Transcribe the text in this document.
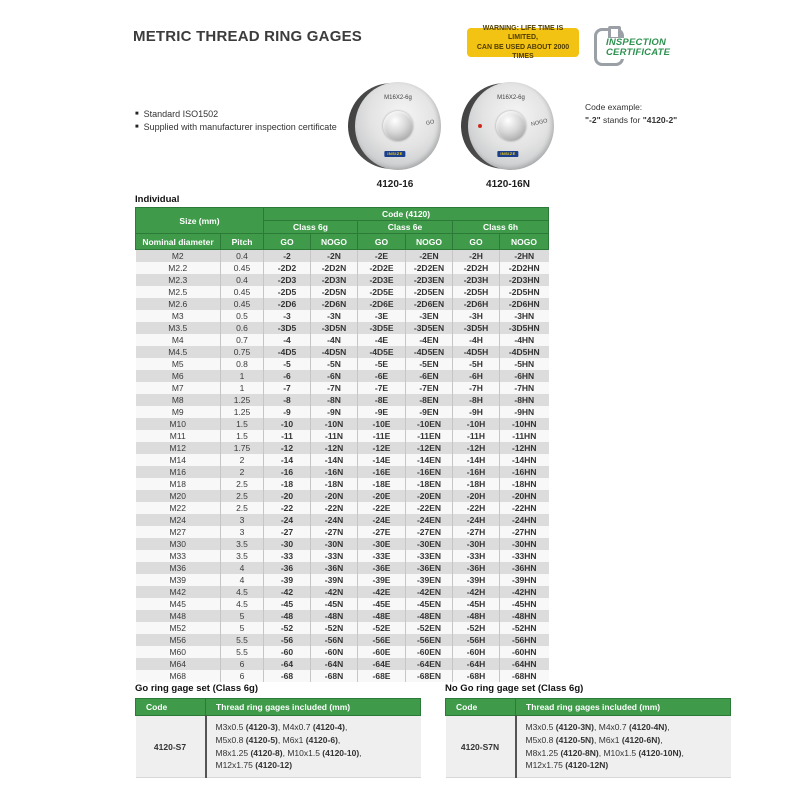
METRIC THREAD RING GAGES	WARNING: LIFE TIME IS LIMITED,
CAN BE USED ABOUT 2000 TIMES
INSPECTION
CERTIFICATE
■ Standard ISO1502
■ Supplied with manufacturer inspection certificate
M16X2-6g
GO
INSIZE
4120-16
M16X2-6g
NOGO
INSIZE
4120-16N
Code example:
"-2" stands for "4120-2"
Individual
Size (mm)		Code (4120)					
		Class 6g		Class 6e		Class 6h	
Nominal diameter	Pitch	GO	NOGO	GO	NOGO	GO	NOGO
M2	0.4	-2	-2N	-2E	-2EN	-2H	-2HN
M2.2	0.45	-2D2	-2D2N	-2D2E	-2D2EN	-2D2H	-2D2HN
M2.3	0.4	-2D3	-2D3N	-2D3E	-2D3EN	-2D3H	-2D3HN
M2.5	0.45	-2D5	-2D5N	-2D5E	-2D5EN	-2D5H	-2D5HN
M2.6	0.45	-2D6	-2D6N	-2D6E	-2D6EN	-2D6H	-2D6HN
M3	0.5	-3	-3N	-3E	-3EN	-3H	-3HN
M3.5	0.6	-3D5	-3D5N	-3D5E	-3D5EN	-3D5H	-3D5HN
M4	0.7	-4	-4N	-4E	-4EN	-4H	-4HN
M4.5	0.75	-4D5	-4D5N	-4D5E	-4D5EN	-4D5H	-4D5HN
M5	0.8	-5	-5N	-5E	-5EN	-5H	-5HN
M6	1	-6	-6N	-6E	-6EN	-6H	-6HN
M7	1	-7	-7N	-7E	-7EN	-7H	-7HN
M8	1.25	-8	-8N	-8E	-8EN	-8H	-8HN
M9	1.25	-9	-9N	-9E	-9EN	-9H	-9HN
M10	1.5	-10	-10N	-10E	-10EN	-10H	-10HN
M11	1.5	-11	-11N	-11E	-11EN	-11H	-11HN
M12	1.75	-12	-12N	-12E	-12EN	-12H	-12HN
M14	2	-14	-14N	-14E	-14EN	-14H	-14HN
M16	2	-16	-16N	-16E	-16EN	-16H	-16HN
M18	2.5	-18	-18N	-18E	-18EN	-18H	-18HN
M20	2.5	-20	-20N	-20E	-20EN	-20H	-20HN
M22	2.5	-22	-22N	-22E	-22EN	-22H	-22HN
M24	3	-24	-24N	-24E	-24EN	-24H	-24HN
M27	3	-27	-27N	-27E	-27EN	-27H	-27HN
M30	3.5	-30	-30N	-30E	-30EN	-30H	-30HN
M33	3.5	-33	-33N	-33E	-33EN	-33H	-33HN
M36	4	-36	-36N	-36E	-36EN	-36H	-36HN
M39	4	-39	-39N	-39E	-39EN	-39H	-39HN
M42	4.5	-42	-42N	-42E	-42EN	-42H	-42HN
M45	4.5	-45	-45N	-45E	-45EN	-45H	-45HN
M48	5	-48	-48N	-48E	-48EN	-48H	-48HN
M52	5	-52	-52N	-52E	-52EN	-52H	-52HN
M56	5.5	-56	-56N	-56E	-56EN	-56H	-56HN
M60	5.5	-60	-60N	-60E	-60EN	-60H	-60HN
M64	6	-64	-64N	-64E	-64EN	-64H	-64HN
M68	6	-68	-68N	-68E	-68EN	-68H	-68HN
Go ring gage set (Class 6g)
Code	Thread ring gages included (mm)
4120-S7	M3x0.5 (4120-3), M4x0.7 (4120-4),
M5x0.8 (4120-5), M6x1 (4120-6),
M8x1.25 (4120-8), M10x1.5 (4120-10),
M12x1.75 (4120-12)
No Go ring gage set (Class 6g)
Code	Thread ring gages included (mm)
4120-S7N	M3x0.5 (4120-3N), M4x0.7 (4120-4N),
M5x0.8 (4120-5N), M6x1 (4120-6N),
M8x1.25 (4120-8N), M10x1.5 (4120-10N),
M12x1.75 (4120-12N)
